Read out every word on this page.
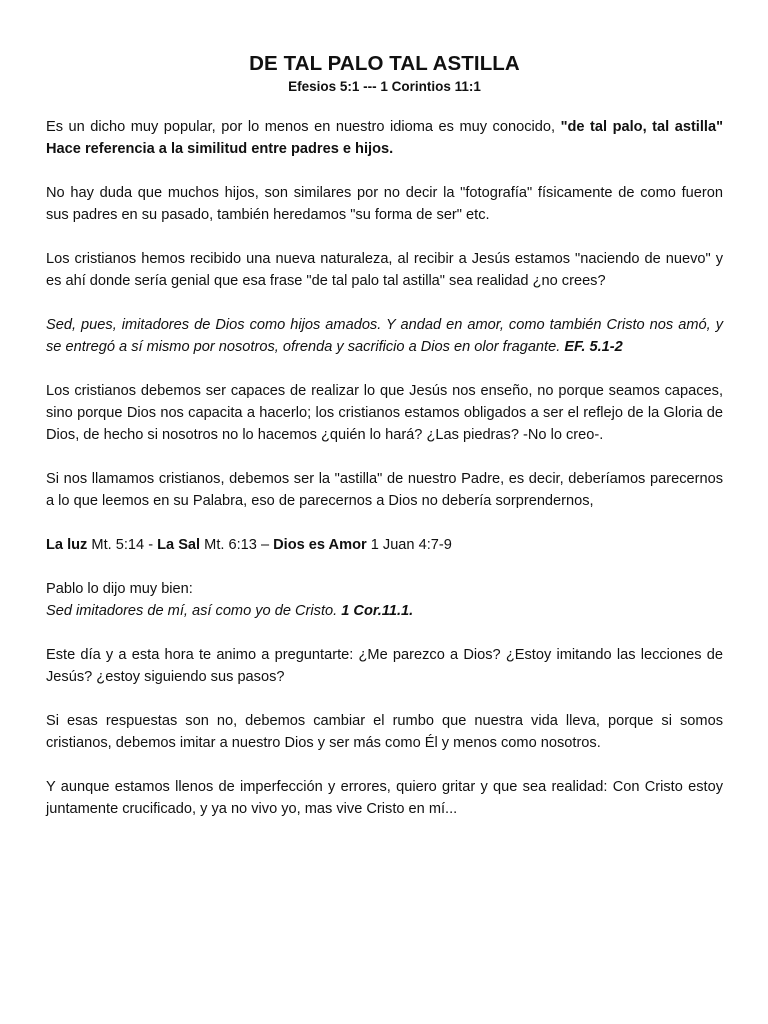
DE TAL PALO TAL ASTILLA

Efesios 5:1 --- 1 Corintios 11:1

Es un dicho muy popular, por lo menos en nuestro idioma es muy conocido, "de tal palo, tal astilla" Hace referencia a la similitud entre padres e hijos.

No hay duda que muchos hijos, son similares por no decir la "fotografía" físicamente de como fueron sus padres en su pasado, también heredamos "su forma de ser" etc.

Los cristianos hemos recibido una nueva naturaleza, al recibir a Jesús estamos "naciendo de nuevo" y es ahí donde sería genial que esa frase "de tal palo tal astilla" sea realidad ¿no crees?

Sed, pues, imitadores de Dios como hijos amados. Y andad en amor, como también Cristo nos amó, y se entregó a sí mismo por nosotros, ofrenda y sacrificio a Dios en olor fragante. EF. 5.1-2

Los cristianos debemos ser capaces de realizar lo que Jesús nos enseño, no porque seamos capaces, sino porque Dios nos capacita a hacerlo; los cristianos estamos obligados a ser el reflejo de la Gloria de Dios, de hecho si nosotros no lo hacemos ¿quién lo hará? ¿Las piedras? -No lo creo-.

Si nos llamamos cristianos, debemos ser la "astilla" de nuestro Padre, es decir, deberíamos parecernos a lo que leemos en su Palabra, eso de parecernos a Dios no debería sorprendernos,

La luz Mt. 5:14 - La Sal Mt. 6:13 – Dios es Amor 1 Juan 4:7-9

Pablo lo dijo muy bien:

Sed imitadores de mí, así como yo de Cristo. 1 Cor.11.1.

Este día y a esta hora te animo a preguntarte: ¿Me parezco a Dios? ¿Estoy imitando las lecciones de Jesús? ¿estoy siguiendo sus pasos?

Si esas respuestas son no, debemos cambiar el rumbo que nuestra vida lleva, porque si somos cristianos, debemos imitar a nuestro Dios y ser más como Él y menos como nosotros.

Y aunque estamos llenos de imperfección y errores, quiero gritar y que sea realidad: Con Cristo estoy juntamente crucificado, y ya no vivo yo, mas vive Cristo en mí...
